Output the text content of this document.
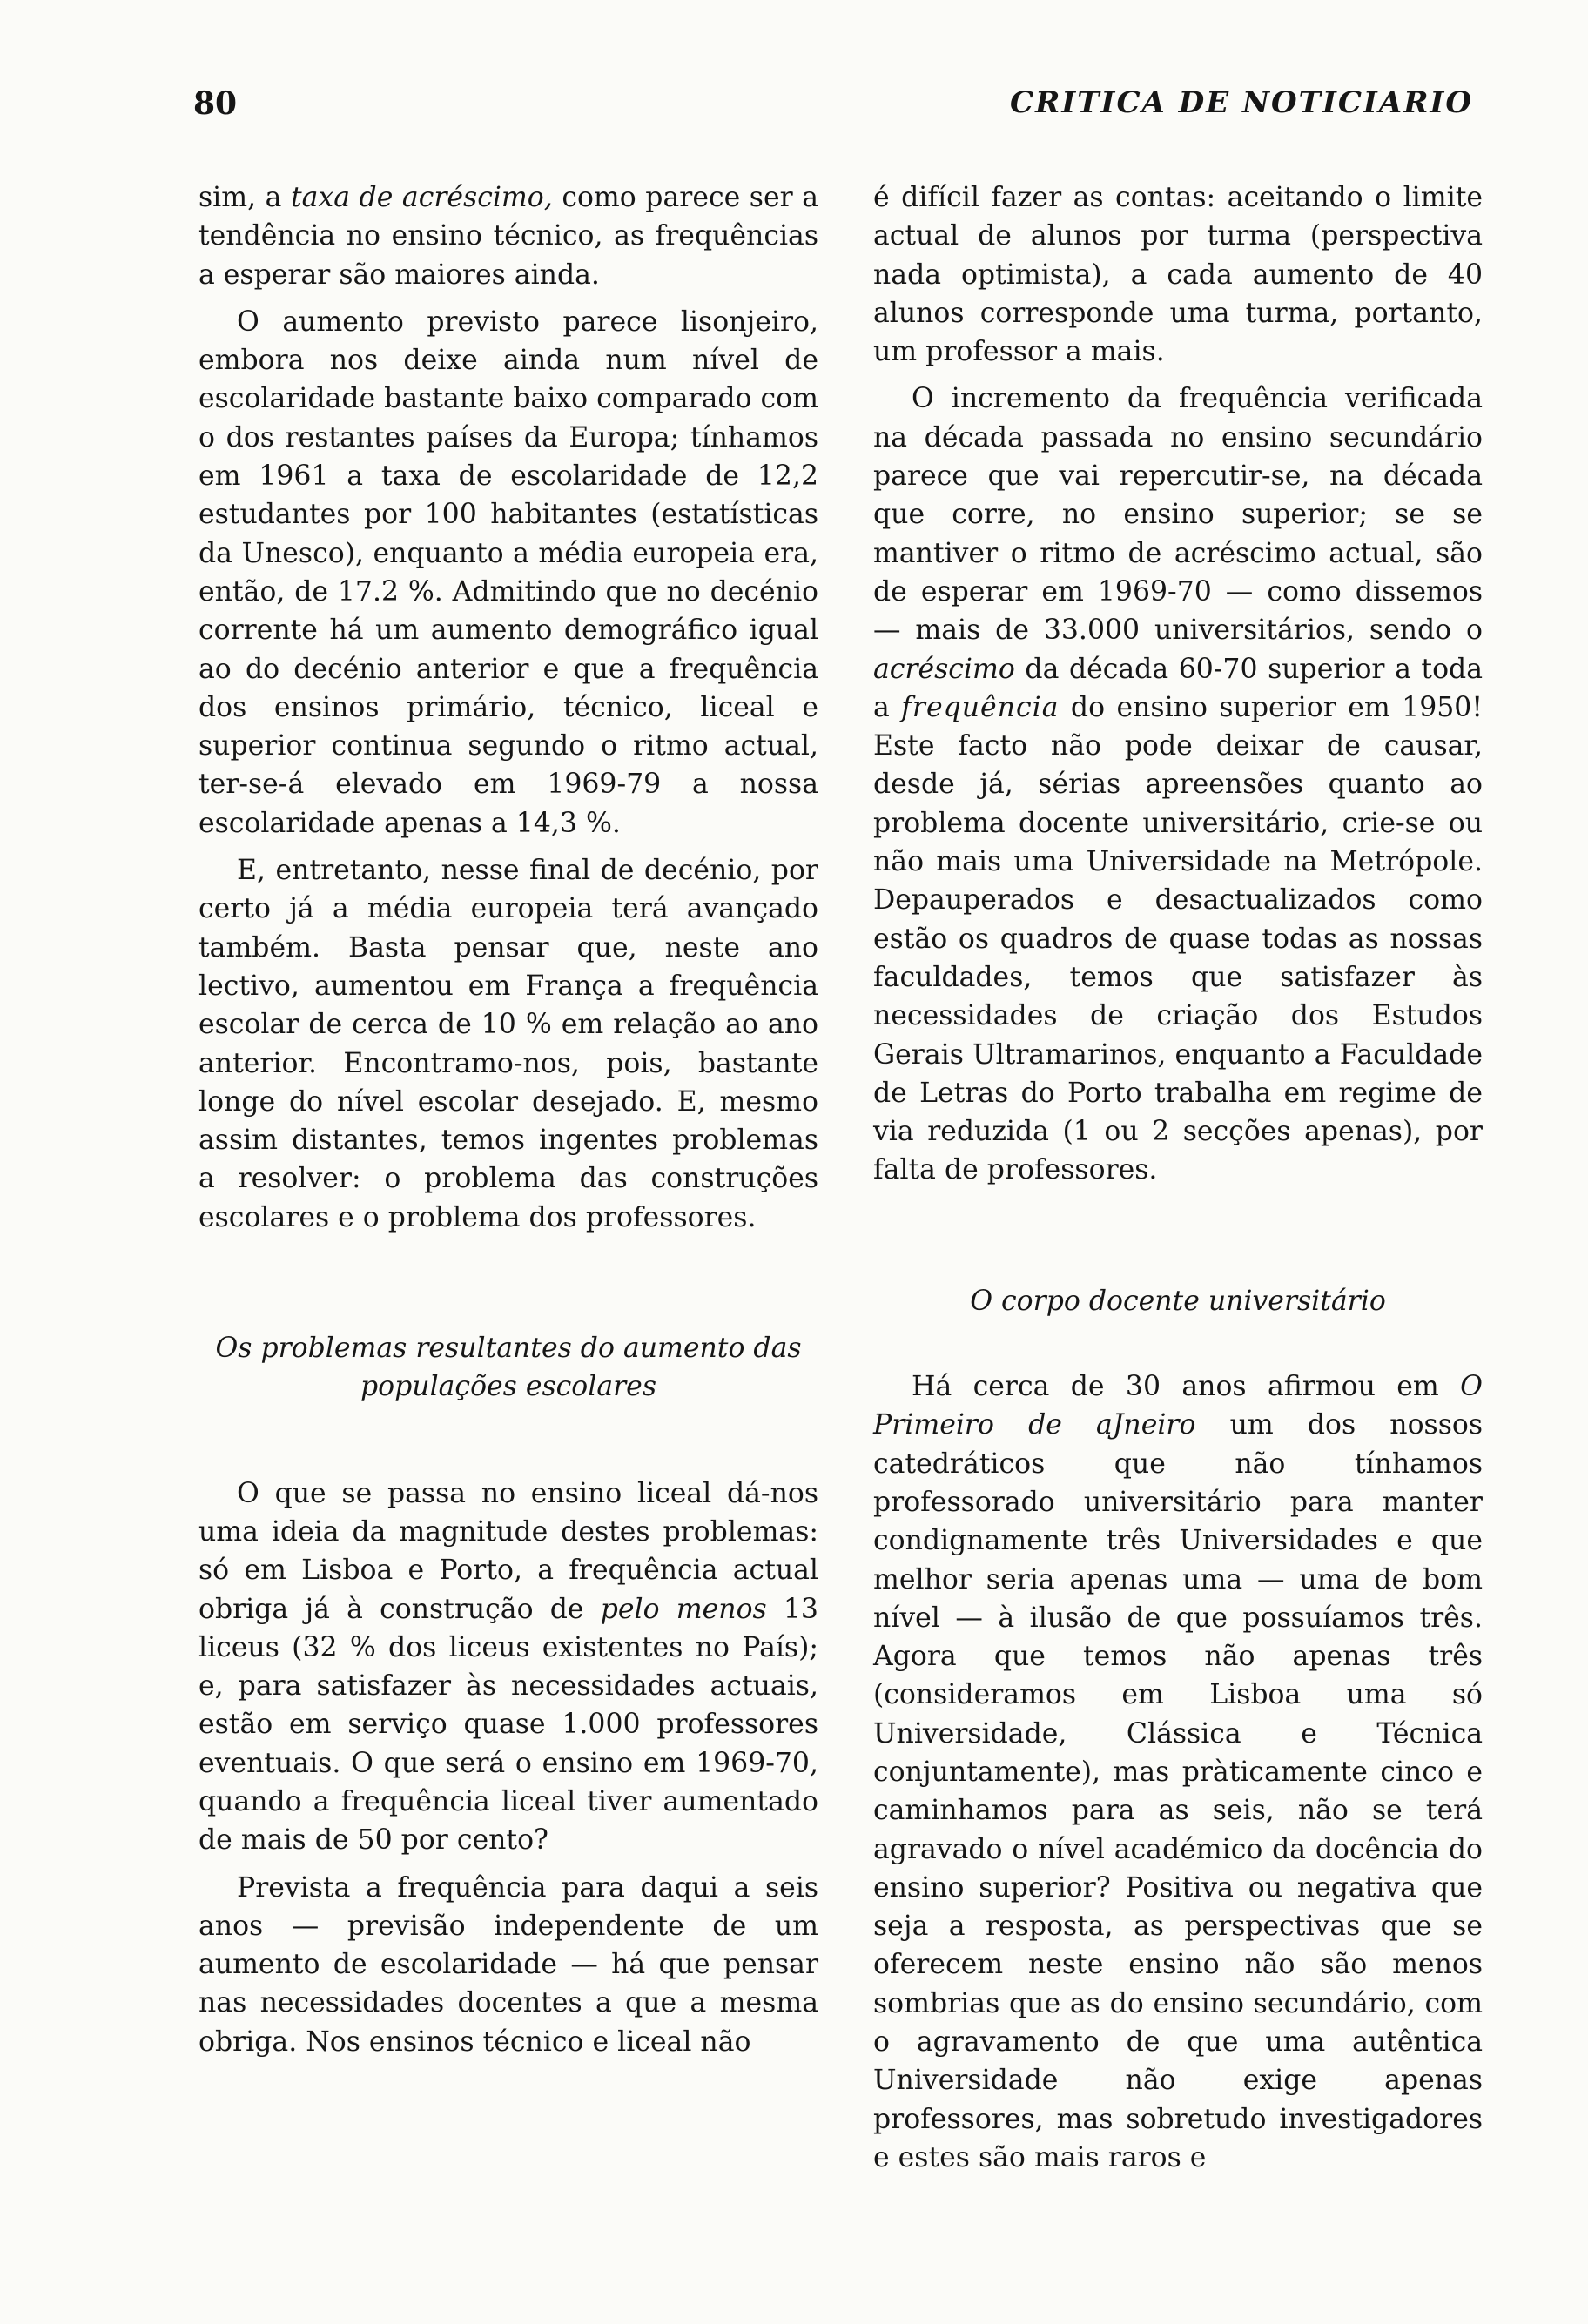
80	CRITICA DE NOTICIARIO

sim, a taxa de acréscimo, como parece ser a tendência no ensino técnico, as frequências a esperar são maiores ainda.

O aumento previsto parece lisonjeiro, embora nos deixe ainda num nível de escolaridade bastante baixo comparado com o dos restantes países da Europa; tínhamos em 1961 a taxa de escolaridade de 12,2 estudantes por 100 habitantes (estatísticas da Unesco), enquanto a média europeia era, então, de 17.2 %. Admitindo que no decénio corrente há um aumento demográfico igual ao do decénio anterior e que a frequência dos ensinos primário, técnico, liceal e superior continua segundo o ritmo actual, ter-se-á elevado em 1969-79 a nossa escolaridade apenas a 14,3 %.

E, entretanto, nesse final de decénio, por certo já a média europeia terá avançado também. Basta pensar que, neste ano lectivo, aumentou em França a frequência escolar de cerca de 10 % em relação ao ano anterior. Encontramo-nos, pois, bastante longe do nível escolar desejado. E, mesmo assim distantes, temos ingentes problemas a resolver: o problema das construções escolares e o problema dos professores.

Os problemas resultantes do aumento das populações escolares

O que se passa no ensino liceal dá-nos uma ideia da magnitude destes problemas: só em Lisboa e Porto, a frequência actual obriga já à construção de pelo menos 13 liceus (32 % dos liceus existentes no País); e, para satisfazer às necessidades actuais, estão em serviço quase 1.000 professores eventuais. O que será o ensino em 1969-70, quando a frequência liceal tiver aumentado de mais de 50 por cento?

Prevista a frequência para daqui a seis anos — previsão independente de um aumento de escolaridade — há que pensar nas necessidades docentes a que a mesma obriga. Nos ensinos técnico e liceal não

é difícil fazer as contas: aceitando o limite actual de alunos por turma (perspectiva nada optimista), a cada aumento de 40 alunos corresponde uma turma, portanto, um professor a mais.

O incremento da frequência verificada na década passada no ensino secundário parece que vai repercutir-se, na década que corre, no ensino superior; se se mantiver o ritmo de acréscimo actual, são de esperar em 1969-70 — como dissemos — mais de 33.000 universitários, sendo o acréscimo da década 60-70 superior a toda a frequência do ensino superior em 1950! Este facto não pode deixar de causar, desde já, sérias apreensões quanto ao problema docente universitário, crie-se ou não mais uma Universidade na Metrópole. Depauperados e desactualizados como estão os quadros de quase todas as nossas faculdades, temos que satisfazer às necessidades de criação dos Estudos Gerais Ultramarinos, enquanto a Faculdade de Letras do Porto trabalha em regime de via reduzida (1 ou 2 secções apenas), por falta de professores.

O corpo docente universitário

Há cerca de 30 anos afirmou em O Primeiro de aJneiro um dos nossos catedráticos que não tínhamos professorado universitário para manter condignamente três Universidades e que melhor seria apenas uma — uma de bom nível — à ilusão de que possuíamos três. Agora que temos não apenas três (consideramos em Lisboa uma só Universidade, Clássica e Técnica conjuntamente), mas pràticamente cinco e caminhamos para as seis, não se terá agravado o nível académico da docência do ensino superior? Positiva ou negativa que seja a resposta, as perspectivas que se oferecem neste ensino não são menos sombrias que as do ensino secundário, com o agravamento de que uma autêntica Universidade não exige apenas professores, mas sobretudo investigadores e estes são mais raros e
